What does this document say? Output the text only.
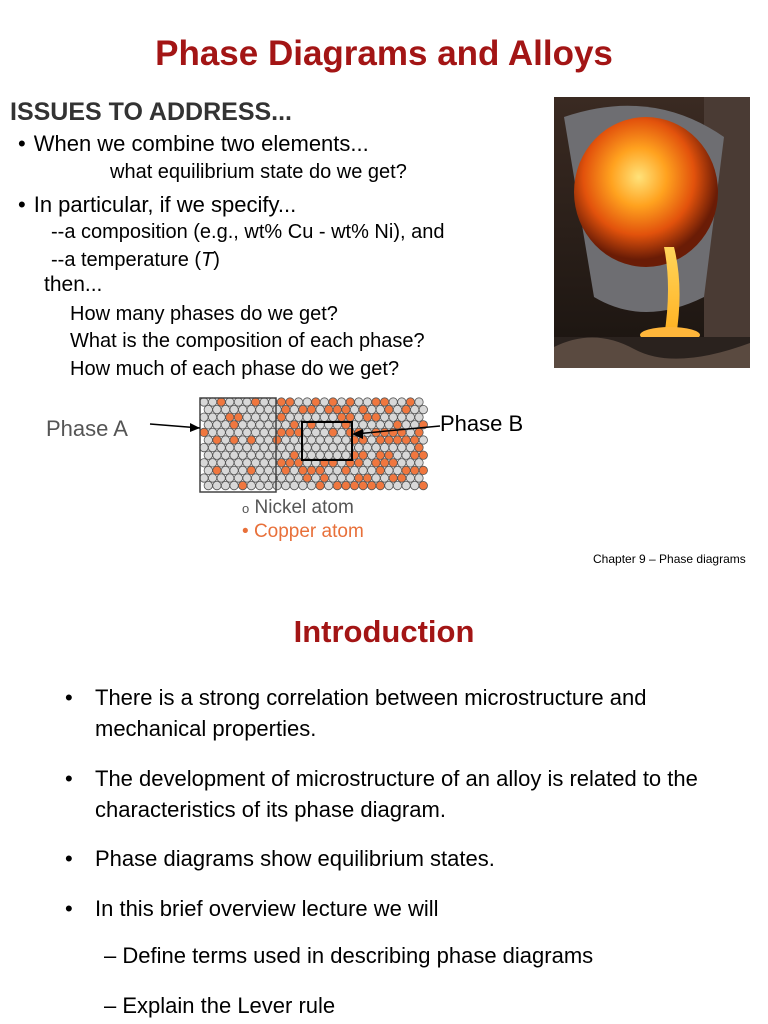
Phase Diagrams and Alloys
ISSUES TO ADDRESS...
• When we combine two elements...
what equilibrium state do we get?
• In particular, if we specify...
--a composition (e.g., wt% Cu - wt% Ni), and
--a temperature (T)
then...
How many phases do we get?
What is the composition of each phase?
How much of each phase do we get?
Phase A	Phase B
o Nickel atom
• Copper atom
Chapter 9 – Phase diagrams
Introduction
• There is a strong correlation between microstructure and mechanical properties.
• The development of microstructure of an alloy is related to the characteristics of its phase diagram.
• Phase diagrams show equilibrium states.
• In this brief overview lecture we will
– Define terms used in describing phase diagrams
– Explain the Lever rule
